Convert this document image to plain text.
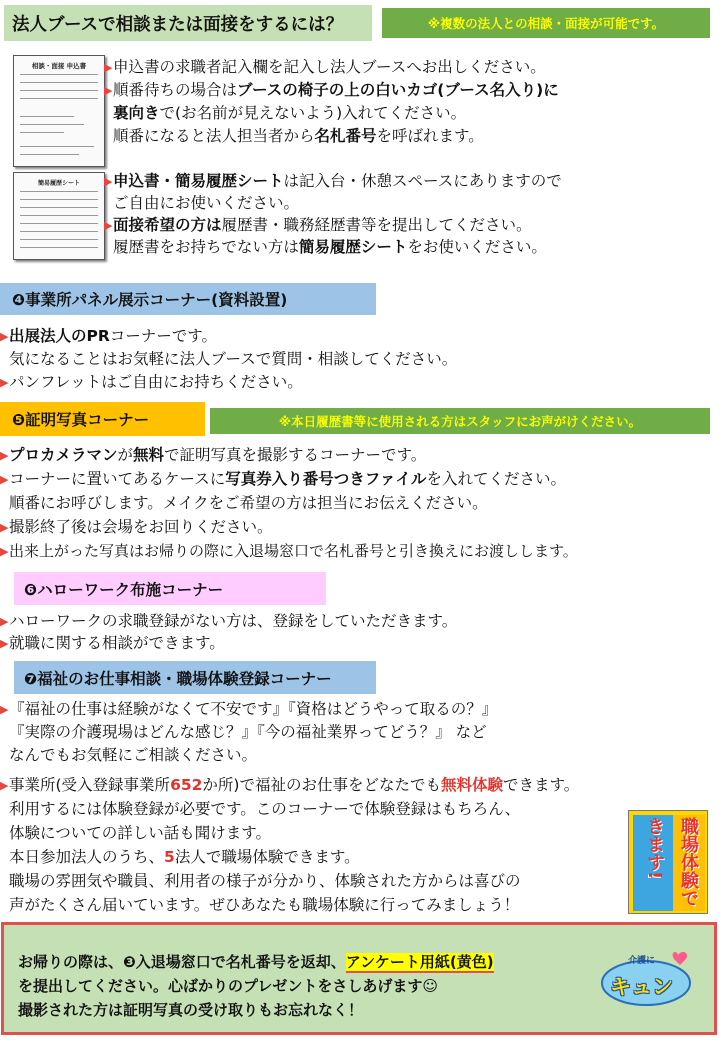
法人ブースで相談または面接をするには？	※複数の法人との相談・面接が可能です。
相談・面接 申込書
簡易履歴シート
▶申込書の求職者記入欄を記入し法人ブースへお出しください。
▶順番待ちの場合はブースの椅子の上の白いカゴ(ブース名入り)に
裏向きで(お名前が見えないよう)入れてください。
順番になると法人担当者から名札番号を呼ばれます。
▶申込書・簡易履歴シートは記入台・休憩スペースにありますので
ご自由にお使いください。
▶面接希望の方は履歴書・職務経歴書等を提出してください。
履歴書をお持ちでない方は簡易履歴シートをお使いください。
❹事業所パネル展示コーナー(資料設置)
▶出展法人のPRコーナーです。
気になることはお気軽に法人ブースで質問・相談してください。
▶パンフレットはご自由にお持ちください。
❺証明写真コーナー	※本日履歴書等に使用される方はスタッフにお声がけください。
▶プロカメラマンが無料で証明写真を撮影するコーナーです。
▶コーナーに置いてあるケースに写真券入り番号つきファイルを入れてください。
順番にお呼びします。メイクをご希望の方は担当にお伝えください。
▶撮影終了後は会場をお回りください。
▶出来上がった写真はお帰りの際に入退場窓口で名札番号と引き換えにお渡しします。
❻ハローワーク布施コーナー
▶ハローワークの求職登録がない方は、登録をしていただきます。
▶就職に関する相談ができます。
❼福祉のお仕事相談・職場体験登録コーナー
▶『福祉の仕事は経験がなくて不安です』『資格はどうやって取るの？』
『実際の介護現場はどんな感じ？』『今の福祉業界ってどう？』 など
なんでもお気軽にご相談ください。
▶事業所(受入登録事業所652か所)で福祉のお仕事をどなたでも無料体験できます。
利用するには体験登録が必要です。このコーナーで体験登録はもちろん、
体験についての詳しい話も聞けます。
本日参加法人のうち、5法人で職場体験できます。
職場の雰囲気や職員、利用者の様子が分かり、体験された方からは喜びの
声がたくさん届いています。ぜひあなたも職場体験に行ってみましょう！	職場体験できます!
お帰りの際は、❸入退場窓口で名札番号を返却、アンケート用紙(黄色)
を提出してください。心ばかりのプレゼントをさしあげます☺
撮影された方は証明写真の受け取りもお忘れなく！
介護に
キュン
